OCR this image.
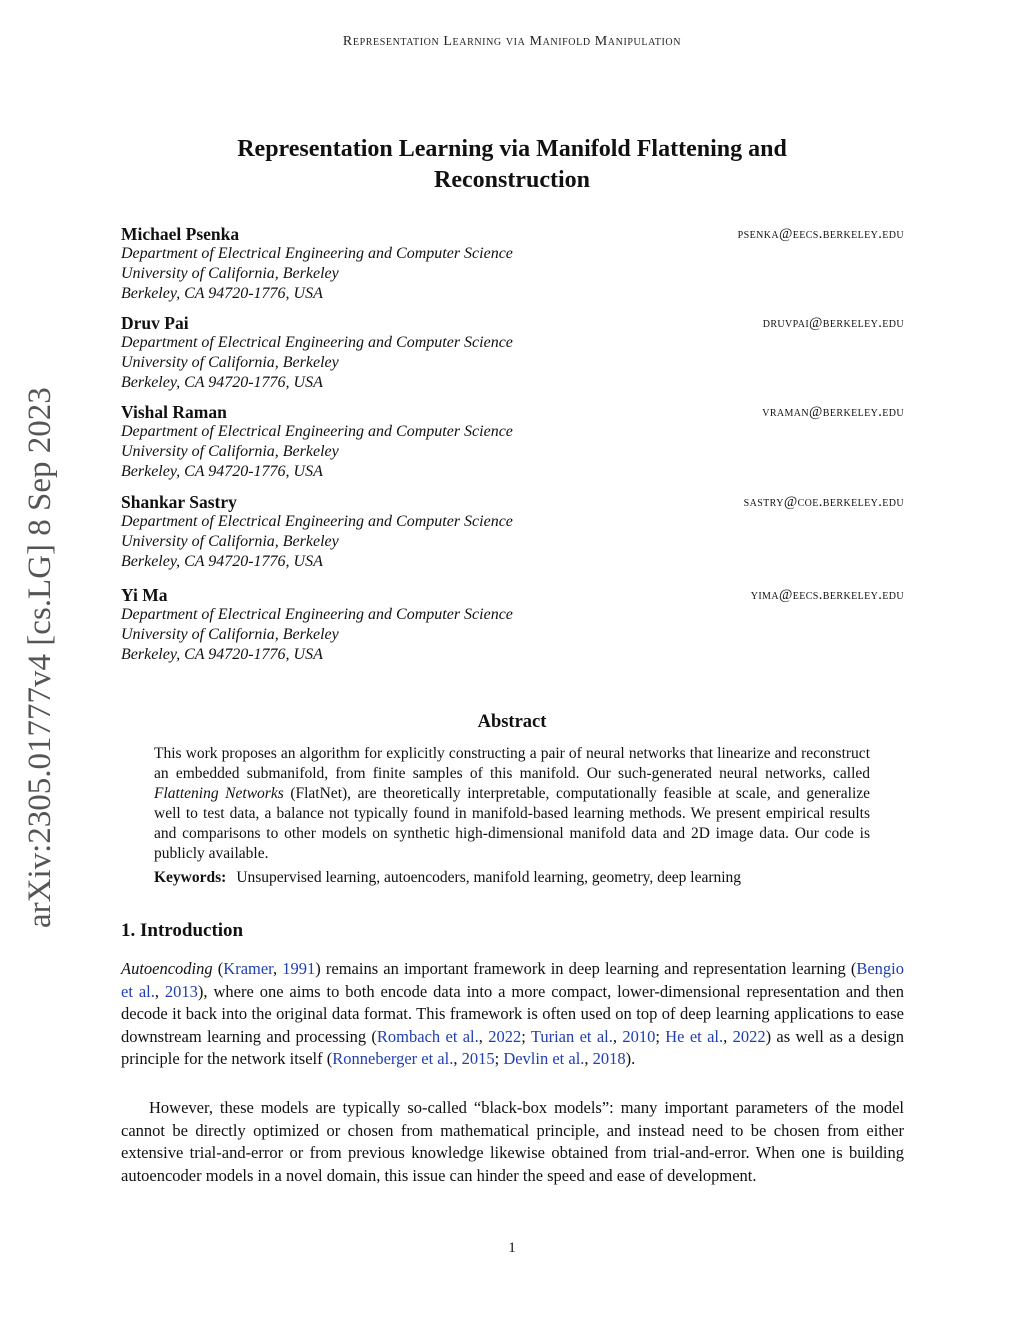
Representation Learning via Manifold Manipulation
Representation Learning via Manifold Flattening and
Reconstruction
Michael Psenka	psenka@eecs.berkeley.edu
Department of Electrical Engineering and Computer Science
University of California, Berkeley
Berkeley, CA 94720-1776, USA
Druv Pai	druvpai@berkeley.edu
Department of Electrical Engineering and Computer Science
University of California, Berkeley
Berkeley, CA 94720-1776, USA
Vishal Raman	vraman@berkeley.edu
Department of Electrical Engineering and Computer Science
University of California, Berkeley
Berkeley, CA 94720-1776, USA
Shankar Sastry	sastry@coe.berkeley.edu
Department of Electrical Engineering and Computer Science
University of California, Berkeley
Berkeley, CA 94720-1776, USA
Yi Ma	yima@eecs.berkeley.edu
Department of Electrical Engineering and Computer Science
University of California, Berkeley
Berkeley, CA 94720-1776, USA
Abstract
This work proposes an algorithm for explicitly constructing a pair of neural networks that linearize and reconstruct an embedded submanifold, from finite samples of this manifold. Our such-generated neural networks, called Flattening Networks (FlatNet), are theoretically interpretable, computationally feasible at scale, and generalize well to test data, a balance not typically found in manifold-based learning methods. We present empirical results and comparisons to other models on synthetic high-dimensional manifold data and 2D image data. Our code is publicly available.
Keywords: Unsupervised learning, autoencoders, manifold learning, geometry, deep learning
1. Introduction
Autoencoding (Kramer, 1991) remains an important framework in deep learning and representation learning (Bengio et al., 2013), where one aims to both encode data into a more compact, lower-dimensional representation and then decode it back into the original data format. This framework is often used on top of deep learning applications to ease downstream learning and processing (Rombach et al., 2022; Turian et al., 2010; He et al., 2022) as well as a design principle for the network itself (Ronneberger et al., 2015; Devlin et al., 2018).
However, these models are typically so-called “black-box models”: many important parameters of the model cannot be directly optimized or chosen from mathematical principle, and instead need to be chosen from either extensive trial-and-error or from previous knowledge likewise obtained from trial-and-error. When one is building autoencoder models in a novel domain, this issue can hinder the speed and ease of development.
1
arXiv:2305.01777v4 [cs.LG] 8 Sep 2023
